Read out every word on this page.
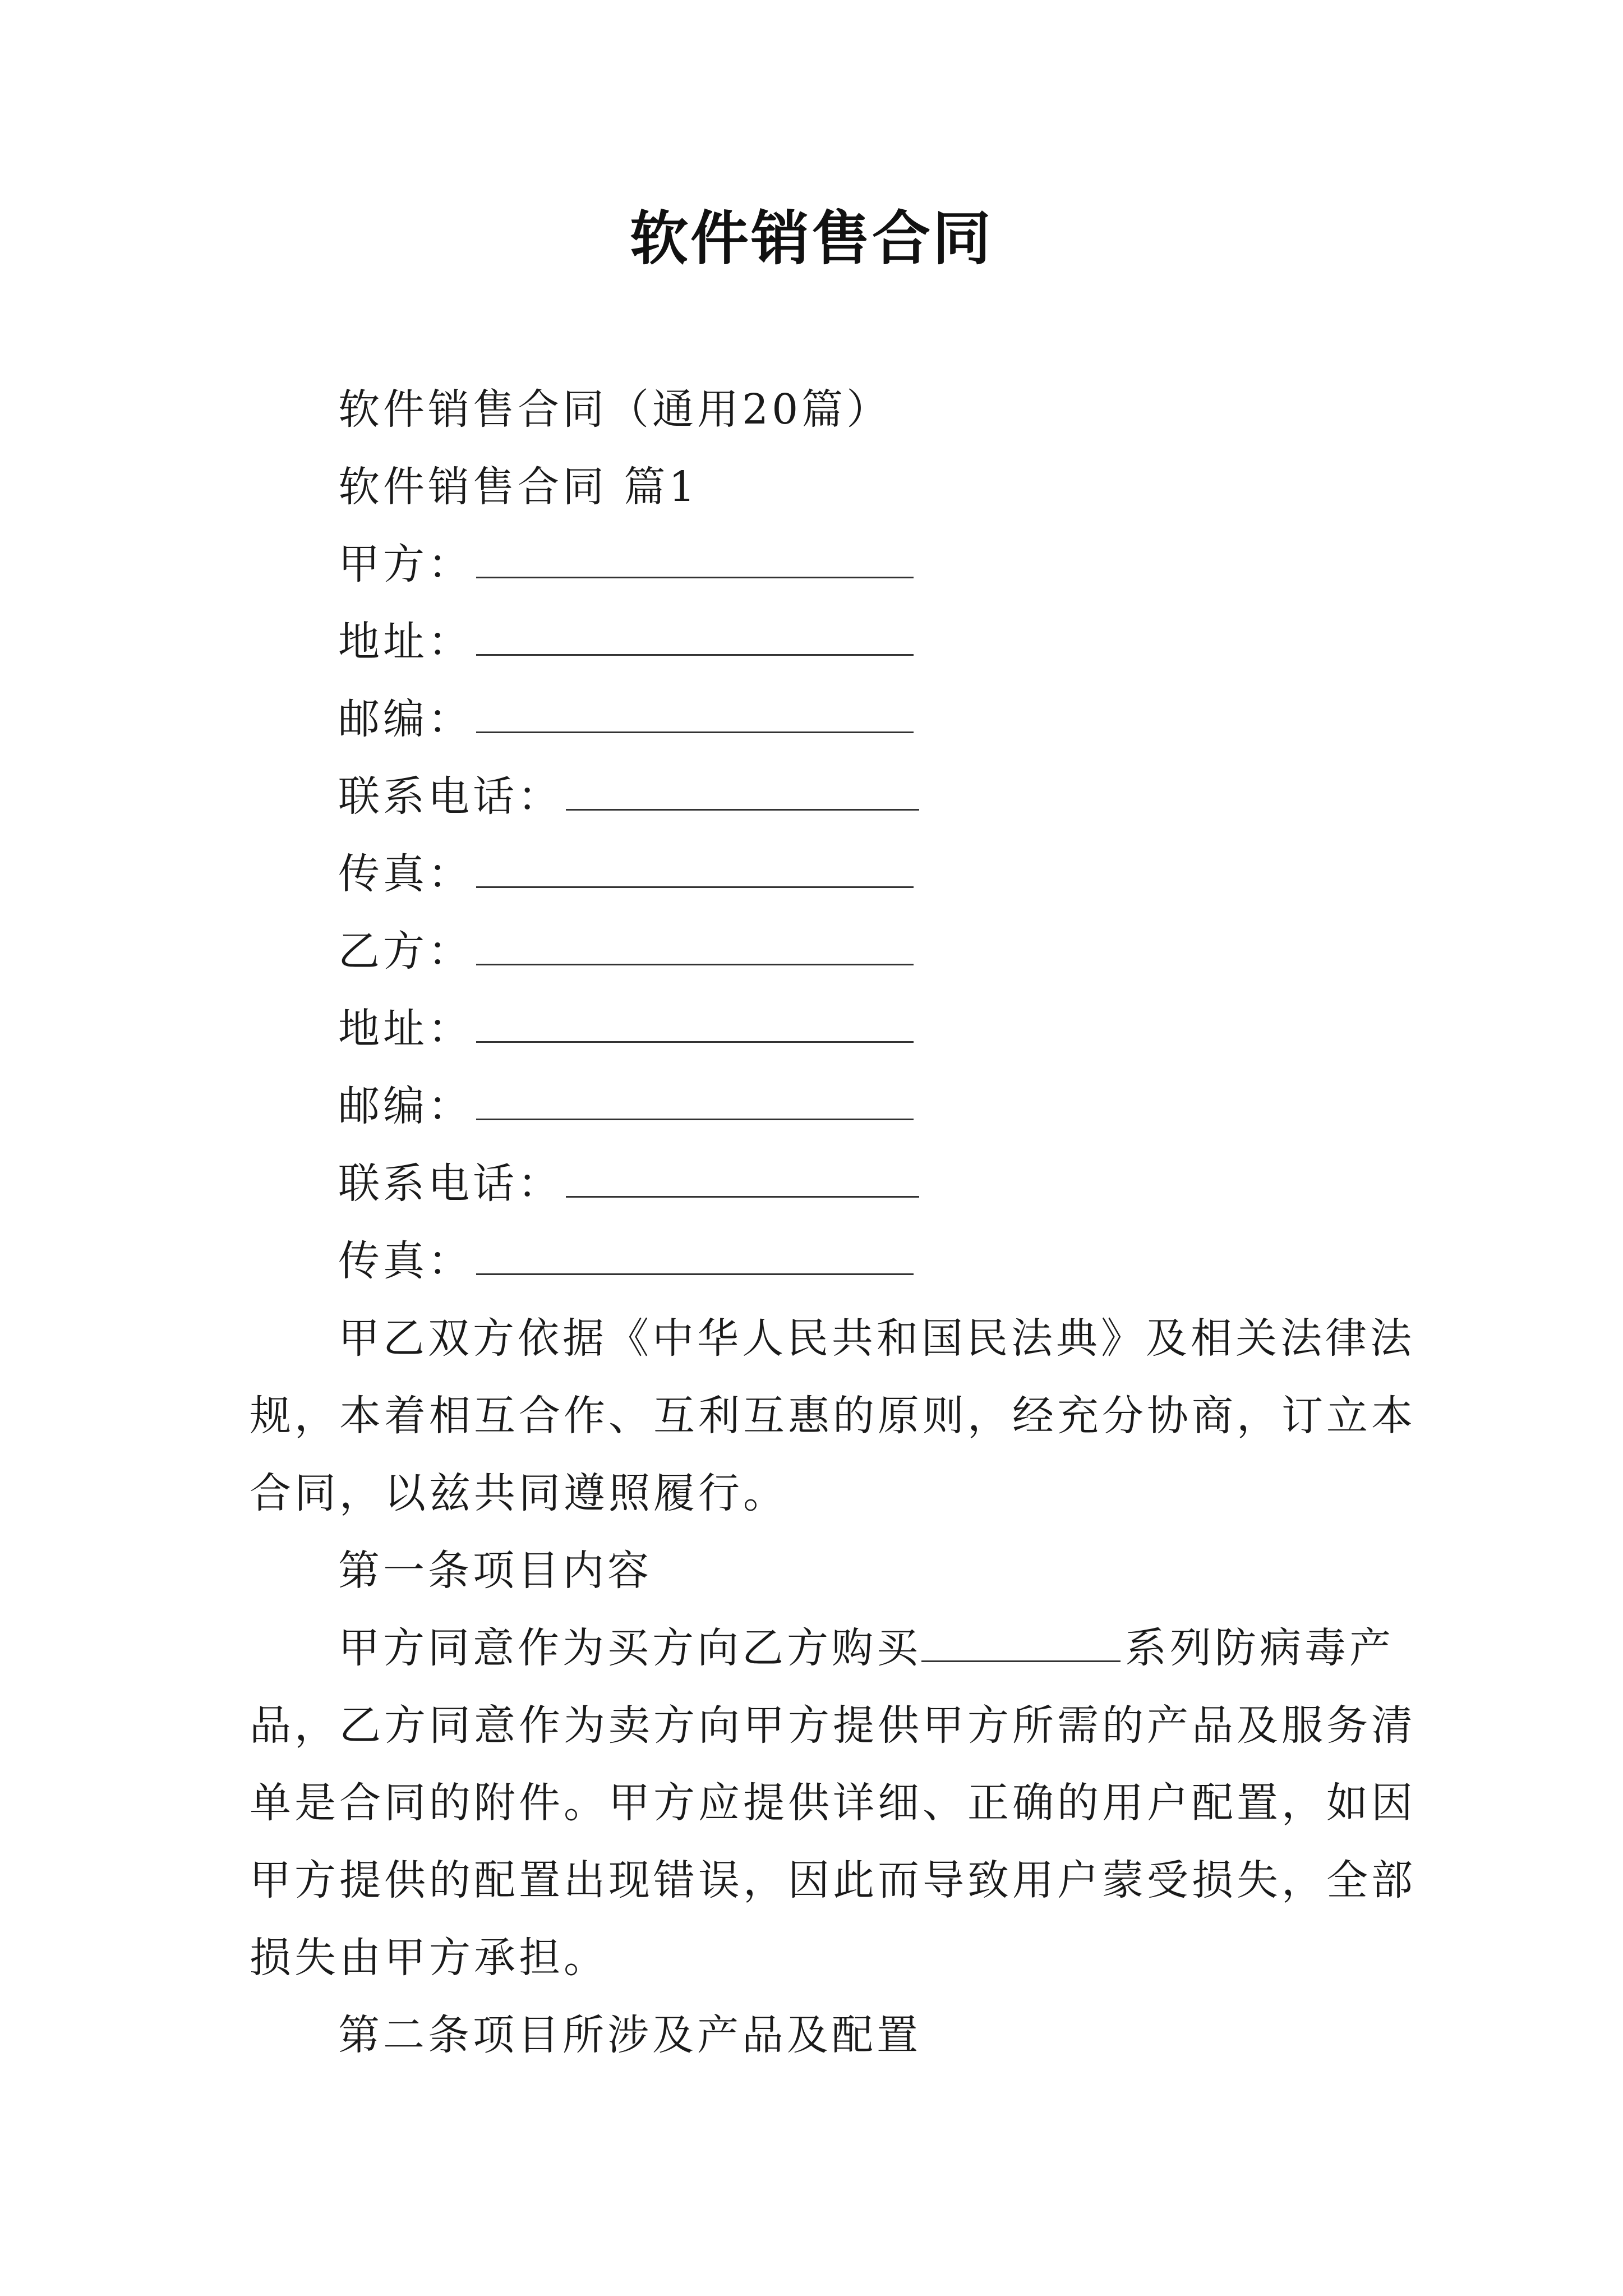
软件销售合同
软件销售合同（通用20篇）
软件销售合同 篇1
甲方：
地址：
邮编：
联系电话：
传真：
乙方：
地址：
邮编：
联系电话：
传真：
甲乙双方依据《中华人民共和国民法典》及相关法律法
规，本着相互合作、互利互惠的原则，经充分协商，订立本
合同，以兹共同遵照履行。
第一条项目内容
甲方同意作为买方向乙方购买	系列防病毒产
品，乙方同意作为卖方向甲方提供甲方所需的产品及服务清
单是合同的附件。甲方应提供详细、正确的用户配置，如因
甲方提供的配置出现错误，因此而导致用户蒙受损失，全部
损失由甲方承担。
第二条项目所涉及产品及配置
